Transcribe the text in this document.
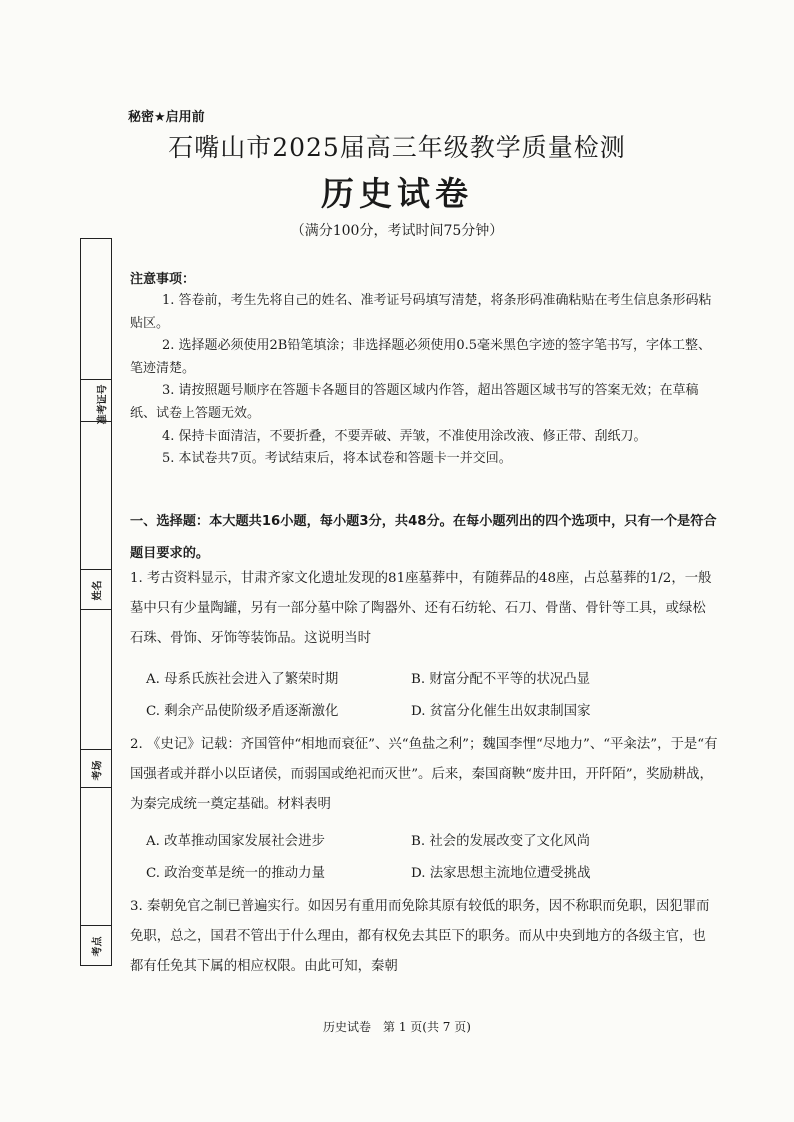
秘密★启用前
石嘴山市2025届高三年级教学质量检测
历史试卷
（满分100分，考试时间75分钟）
准考证号
姓名
考场
考点
注意事项：

1. 答卷前，考生先将自己的姓名、准考证号码填写清楚，将条形码准确粘贴在考生信息条形码粘贴区。

2. 选择题必须使用2B铅笔填涂；非选择题必须使用0.5毫米黑色字迹的签字笔书写，字体工整、笔迹清楚。

3. 请按照题号顺序在答题卡各题目的答题区域内作答，超出答题区域书写的答案无效；在草稿纸、试卷上答题无效。

4. 保持卡面清洁，不要折叠，不要弄破、弄皱，不准使用涂改液、修正带、刮纸刀。

5. 本试卷共7页。考试结束后，将本试卷和答题卡一并交回。

一、选择题：本大题共16小题，每小题3分，共48分。在每小题列出的四个选项中，只有一个是符合题目要求的。
1. 考古资料显示，甘肃齐家文化遗址发现的81座墓葬中，有随葬品的48座，占总墓葬的1/2，一般墓中只有少量陶罐，另有一部分墓中除了陶器外、还有石纺轮、石刀、骨凿、骨针等工具，或绿松石珠、骨饰、牙饰等装饰品。这说明当时
A. 母系氏族社会进入了繁荣时期	B. 财富分配不平等的状况凸显
C. 剩余产品使阶级矛盾逐渐激化	D. 贫富分化催生出奴隶制国家
2. 《史记》记载：齐国管仲“相地而衰征”、兴“鱼盐之利”；魏国李悝“尽地力”、“平籴法”，于是“有国强者或并群小以臣诸侯，而弱国或绝祀而灭世”。后来，秦国商鞅“废井田，开阡陌”，奖励耕战，为秦完成统一奠定基础。材料表明
A. 改革推动国家发展社会进步	B. 社会的发展改变了文化风尚
C. 政治变革是统一的推动力量	D. 法家思想主流地位遭受挑战
3. 秦朝免官之制已普遍实行。如因另有重用而免除其原有较低的职务，因不称职而免职，因犯罪而免职，总之，国君不管出于什么理由，都有权免去其臣下的职务。而从中央到地方的各级主官，也都有任免其下属的相应权限。由此可知，秦朝
历史试卷　第 1 页(共 7 页)
